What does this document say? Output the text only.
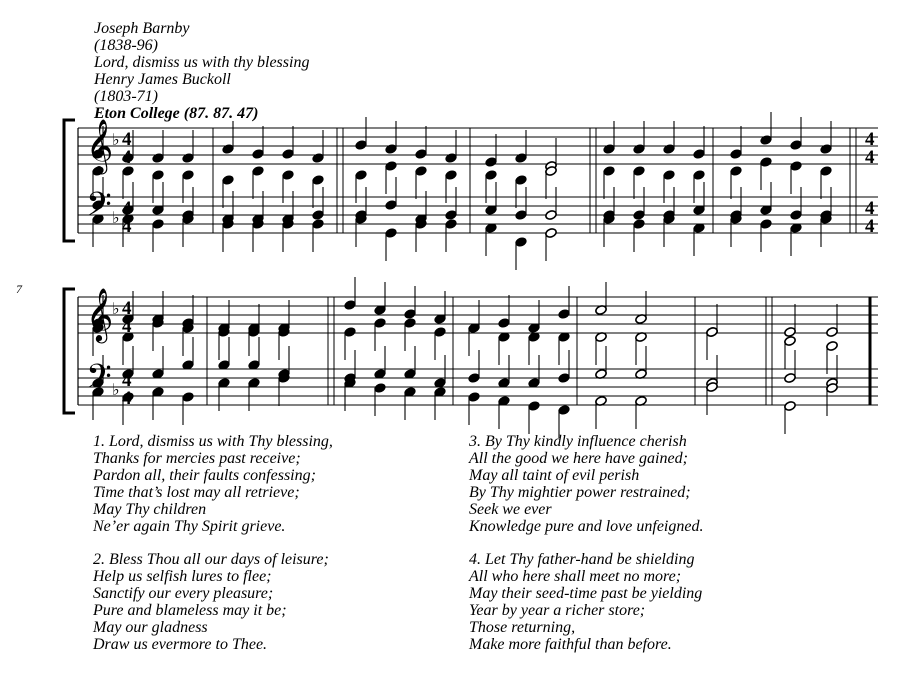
Joseph Barnby
(1838-96)
Lord, dismiss us with thy blessing
Henry James Buckoll
(1803-71)
Eton College (87. 87. 47)
𝄞
𝄢
♭
♭
4
4
4
4
4
4
4
4
𝄞
𝄢
♭
♭
4
4
4
4
7
1. Lord, dismiss us with Thy blessing,
Thanks for mercies past receive;
Pardon all, their faults confessing;
Time that’s lost may all retrieve;
May Thy children
Ne’er again Thy Spirit grieve.
2. Bless Thou all our days of leisure;
Help us selfish lures to flee;
Sanctify our every pleasure;
Pure and blameless may it be;
May our gladness
Draw us evermore to Thee.
3. By Thy kindly influence cherish
All the good we here have gained;
May all taint of evil perish
By Thy mightier power restrained;
Seek we ever
Knowledge pure and love unfeigned.
4. Let Thy father-hand be shielding
All who here shall meet no more;
May their seed-time past be yielding
Year by year a richer store;
Those returning,
Make more faithful than before.
